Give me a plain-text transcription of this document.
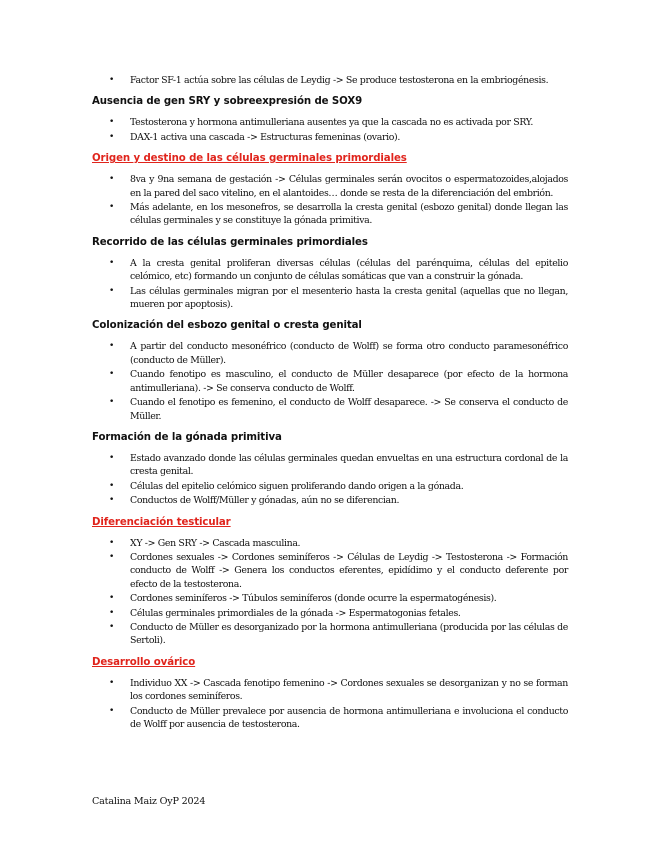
• Factor SF-1 actúa sobre las células de Leydig -> Se produce testosterona en la embriogénesis.
Ausencia de gen SRY y sobreexpresión de SOX9
• Testosterona y hormona antimulleriana ausentes ya que la cascada no es activada por SRY.
• DAX-1 activa una cascada -> Estructuras femeninas (ovario).
Origen y destino de las células germinales primordiales
• 8va y 9na semana de gestación -> Células germinales serán ovocitos o espermatozoides,alojados en la pared del saco vitelino, en el alantoides… donde se resta de la diferenciación del embrión.
• Más adelante, en los mesonefros, se desarrolla la cresta genital (esbozo genital) donde llegan las células germinales y se constituye la gónada primitiva.
Recorrido de las células germinales primordiales
• A la cresta genital proliferan diversas células (células del parénquima, células del epitelio celómico, etc) formando un conjunto de células somáticas que van a construir la gónada.
• Las células germinales migran por el mesenterio hasta la cresta genital (aquellas que no llegan, mueren por apoptosis).
Colonización del esbozo genital o cresta genital
• A partir del conducto mesonéfrico (conducto de Wolff) se forma otro conducto paramesonéfrico (conducto de Müller).
• Cuando fenotipo es masculino, el conducto de Müller desaparece (por efecto de la hormona antimulleriana). -> Se conserva conducto de Wolff.
• Cuando el fenotipo es femenino, el conducto de Wolff desaparece. -> Se conserva el conducto de Müller.
Formación de la gónada primitiva
• Estado avanzado donde las células germinales quedan envueltas en una estructura cordonal de la cresta genital.
• Células del epitelio celómico siguen proliferando dando origen a la gónada.
• Conductos de Wolff/Müller y gónadas, aún no se diferencian.
Diferenciación testicular
• XY -> Gen SRY -> Cascada masculina.
• Cordones sexuales -> Cordones seminíferos -> Células de Leydig -> Testosterona -> Formación conducto de Wolff -> Genera los conductos eferentes, epidídimo y el conducto deferente por efecto de la testosterona.
• Cordones seminíferos -> Túbulos seminíferos (donde ocurre la espermatogénesis).
• Células germinales primordiales de la gónada -> Espermatogonias fetales.
• Conducto de Müller es desorganizado por la hormona antimulleriana (producida por las células de Sertoli).
Desarrollo ovárico
• Individuo XX -> Cascada fenotipo femenino -> Cordones sexuales se desorganizan y no se forman los cordones seminíferos.
• Conducto de Müller prevalece por ausencia de hormona antimulleriana e involuciona el conducto de Wolff por ausencia de testosterona.
Catalina Maiz OyP 2024
